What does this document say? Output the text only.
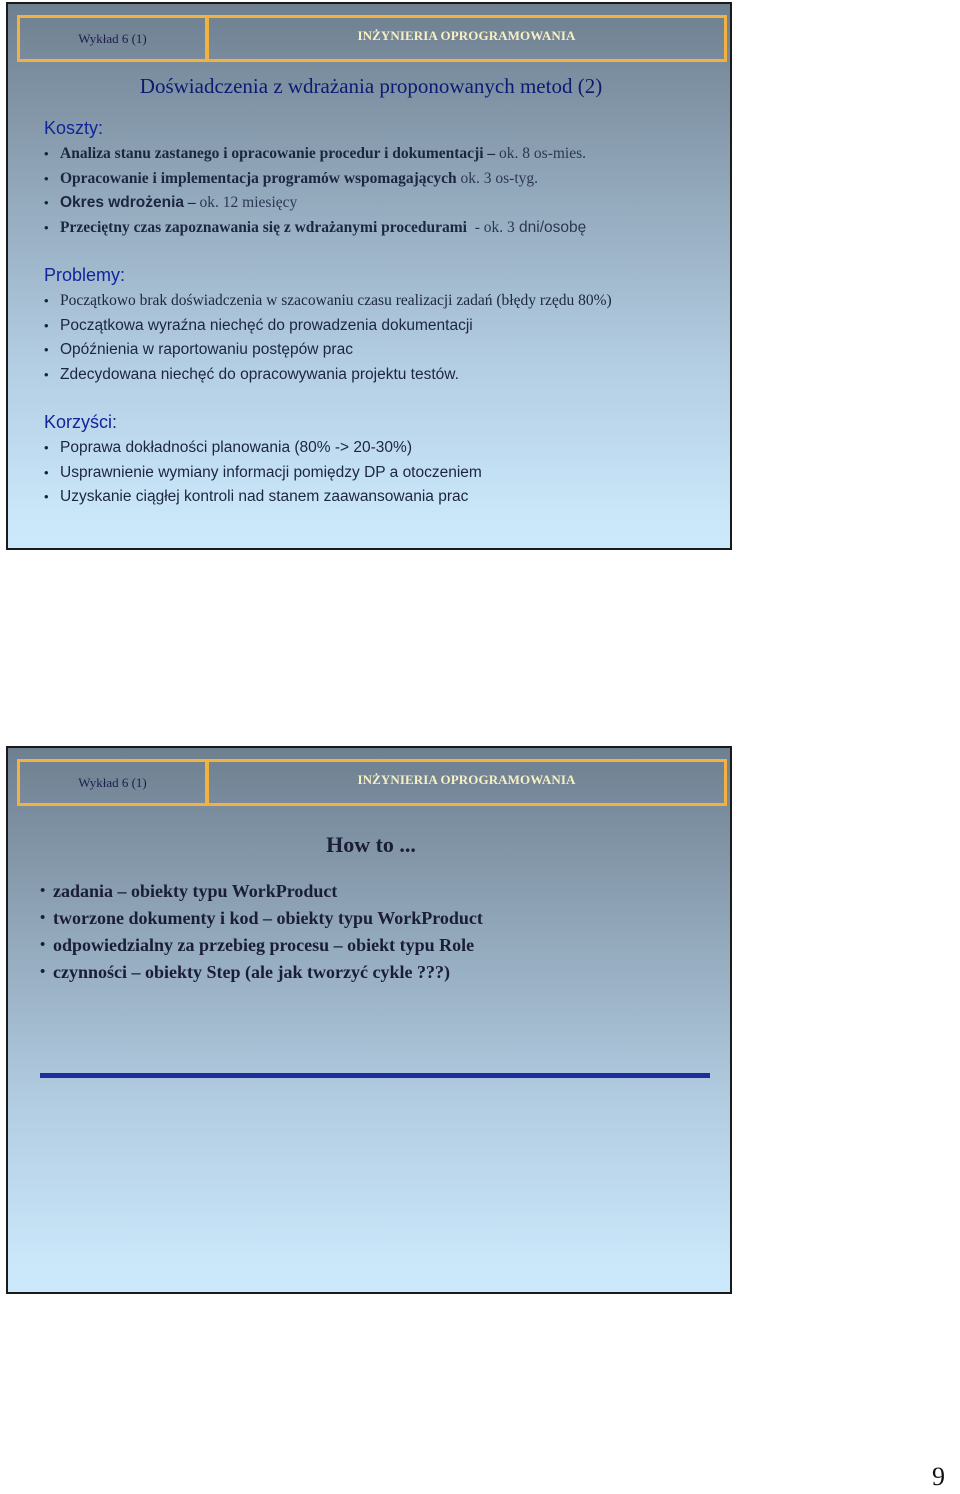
Wykład 6 (1)	INŻYNIERIA OPROGRAMOWANIA
Doświadczenia z wdrażania proponowanych metod (2)
Koszty:
• Analiza stanu zastanego i opracowanie procedur i dokumentacji – ok. 8 os-mies.
• Opracowanie i implementacja programów wspomagających ok. 3 os-tyg.
• Okres wdrożenia – ok. 12 miesięcy
• Przeciętny czas zapoznawania się z wdrażanymi procedurami  - ok. 3 dni/osobę
Problemy:
• Początkowo brak doświadczenia w szacowaniu czasu realizacji zadań (błędy rzędu 80%)
• Początkowa wyraźna niechęć do prowadzenia dokumentacji
• Opóźnienia w raportowaniu postępów prac
• Zdecydowana niechęć do opracowywania projektu testów.
Korzyści:
• Poprawa dokładności planowania (80% -> 20-30%)
• Usprawnienie wymiany informacji pomiędzy DP a otoczeniem
• Uzyskanie ciągłej kontroli nad stanem zaawansowania prac
Wykład 6 (1)	INŻYNIERIA OPROGRAMOWANIA
How to ...
• zadania – obiekty typu WorkProduct
• tworzone dokumenty i kod – obiekty typu WorkProduct
• odpowiedzialny za przebieg procesu – obiekt typu Role
• czynności – obiekty Step (ale jak tworzyć cykle ???)
9
